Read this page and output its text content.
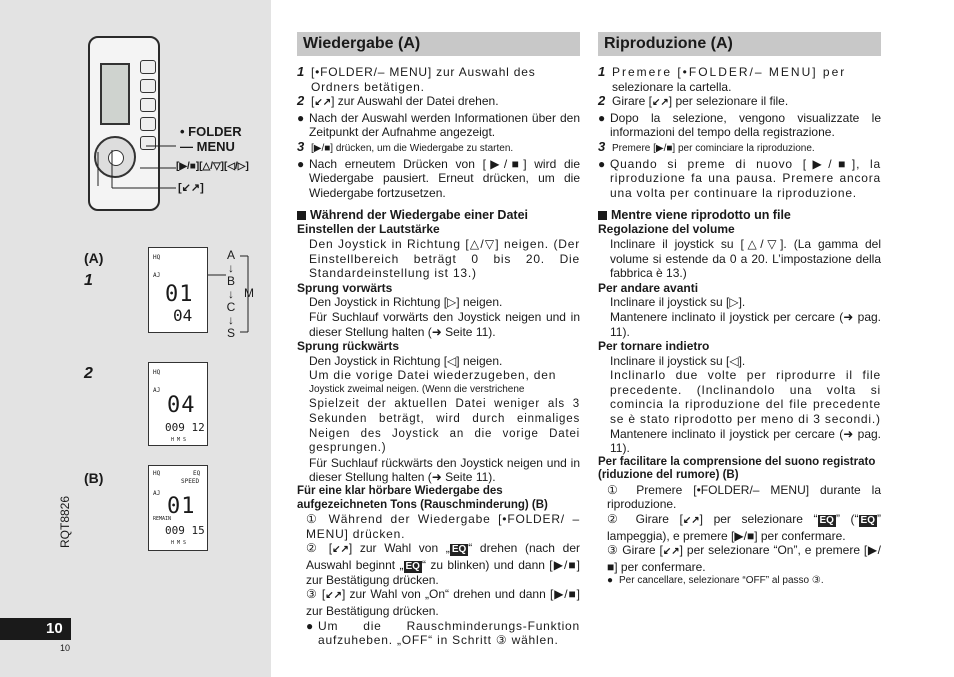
• FOLDER
— MENU
[▶/■][△/▽][◁/▷]
[↙↗]
(A)
1
2
(B)
HQ
AJ
01
04
HQ
AJ
04
009 12
H M S
HQ	EQ
SPEED
AJ
REMAIN
01
009 15
H M S
A
↓
B
↓
C
↓
S
M
RQT8826
10
10
Wiedergabe (A)
1 [•FOLDER/– MENU] zur Auswahl des
Ordners betätigen.
2 [↙↗] zur Auswahl der Datei drehen.
● Nach der Auswahl werden Informationen über den Zeitpunkt der Aufnahme angezeigt.
3 [▶/■] drücken, um die Wiedergabe zu starten.
● Nach erneutem Drücken von [▶/■] wird die Wiedergabe pausiert. Erneut drücken, um die Wiedergabe fortzusetzen.
Während der Wiedergabe einer Datei
Einstellen der Lautstärke
Den Joystick in Richtung [△/▽] neigen. (Der Einstellbereich beträgt 0 bis 20. Die Standardeinstellung ist 13.)
Sprung vorwärts
Den Joystick in Richtung [▷] neigen.
Für Suchlauf vorwärts den Joystick neigen und in dieser Stellung halten (➜ Seite 11).
Sprung rückwärts
Den Joystick in Richtung [◁] neigen.
Um die vorige Datei wiederzugeben, den
Joystick zweimal neigen. (Wenn die verstrichene
Spielzeit der aktuellen Datei weniger als 3 Sekunden beträgt, wird durch einmaliges Neigen des Joystick an die vorige Datei gesprungen.)
Für Suchlauf rückwärts den Joystick neigen und in dieser Stellung halten (➜ Seite 11).
Für eine klar hörbare Wiedergabe des aufgezeichneten Tons (Rauschminderung) (B)
① Während der Wiedergabe [•FOLDER/ – MENU] drücken.
② [↙↗] zur Wahl von „ EQ “ drehen (nach der Auswahl beginnt „ EQ “ zu blinken) und dann [▶/■] zur Bestätigung drücken.
③ [↙↗] zur Wahl von „On“ drehen und dann [▶/■] zur Bestätigung drücken.
● Um die Rauschminderungs-Funktion aufzuheben. „OFF“ in Schritt ③ wählen.
Riproduzione (A)
1 Premere [•FOLDER/– MENU] per
selezionare la cartella.
2 Girare [↙↗] per selezionare il file.
● Dopo la selezione, vengono visualizzate le informazioni del tempo della registrazione.
3 Premere [▶/■] per cominciare la riproduzione.
● Quando si preme di nuovo [▶/■], la riproduzione fa una pausa. Premere ancora una volta per continuare la riproduzione.
Mentre viene riprodotto un file
Regolazione del volume
Inclinare il joystick su [△/▽]. (La gamma del volume si estende da 0 a 20. L’impostazione della fabbrica è 13.)
Per andare avanti
Inclinare il joystick su [▷].
Mantenere inclinato il joystick per cercare (➜ pag. 11).
Per tornare indietro
Inclinare il joystick su [◁].
Inclinarlo due volte per riprodurre il file precedente. (Inclinandolo una volta si comincia la riproduzione del file precedente se è stato riprodotto per meno di 3 secondi.)
Mantenere inclinato il joystick per cercare (➜ pag. 11).
Per facilitare la comprensione del suono registrato (riduzione del rumore) (B)
① Premere [•FOLDER/– MENU] durante la riproduzione.
② Girare [↙↗] per selezionare “ EQ ” (“ EQ ” lampeggia), e premere [▶/■] per confermare.
③ Girare [↙↗] per selezionare “On”, e premere [▶/■] per confermare.
● Per cancellare, selezionare “OFF” al passo ③.
